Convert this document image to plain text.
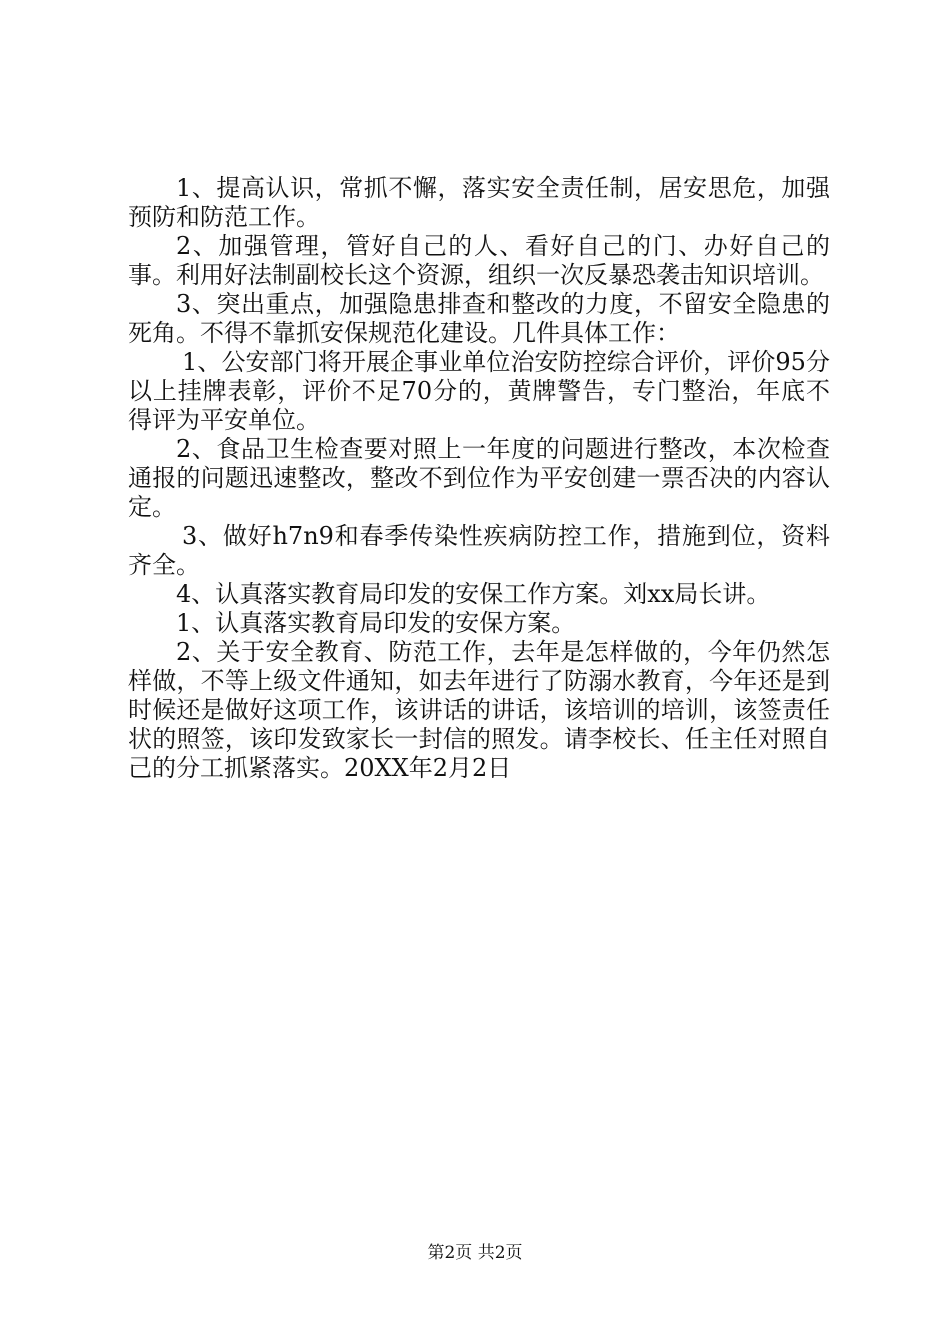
1、提高认识，常抓不懈，落实安全责任制，居安思危，加强预防和防范工作。

2、加强管理，管好自己的人、看好自己的门、办好自己的事。利用好法制副校长这个资源，组织一次反暴恐袭击知识培训。

3、突出重点，加强隐患排查和整改的力度，不留安全隐患的死角。不得不靠抓安保规范化建设。几件具体工作：

1、公安部门将开展企事业单位治安防控综合评价，评价95分以上挂牌表彰，评价不足70分的，黄牌警告，专门整治，年底不得评为平安单位。

2、食品卫生检查要对照上一年度的问题进行整改，本次检查通报的问题迅速整改，整改不到位作为平安创建一票否决的内容认定。

3、做好h7n9和春季传染性疾病防控工作，措施到位，资料齐全。

4、认真落实教育局印发的安保工作方案。刘xx局长讲。

1、认真落实教育局印发的安保方案。

2、关于安全教育、防范工作，去年是怎样做的，今年仍然怎样做，不等上级文件通知，如去年进行了防溺水教育，今年还是到时候还是做好这项工作，该讲话的讲话，该培训的培训，该签责任状的照签，该印发致家长一封信的照发。请李校长、任主任对照自己的分工抓紧落实。20XX年2月2日

第2页 共2页
